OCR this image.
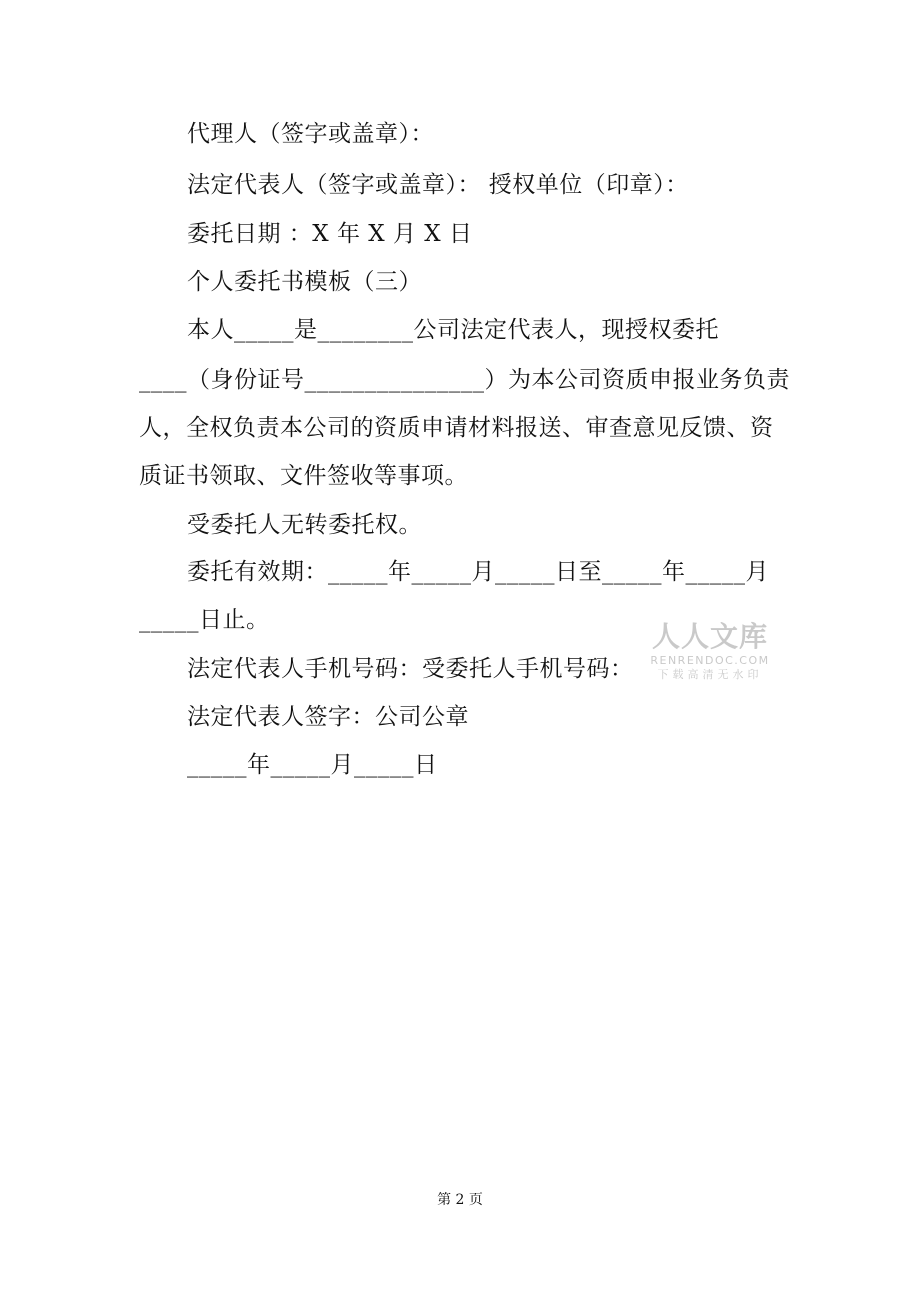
代理人（签字或盖章）：
法定代表人（签字或盖章）： 授权单位（印章）：
委托日期 ：X 年 X 月 X 日
个人委托书模板（三）
本人_____是________公司法定代表人，现授权委托
____（身份证号_______________）为本公司资质申报业务负责
人，全权负责本公司的资质申请材料报送、审查意见反馈、资
质证书领取、文件签收等事项。
受委托人无转委托权。
委托有效期：_____年_____月_____日至_____年_____月
_____日止。
法定代表人手机号码：受委托人手机号码：
法定代表人签字：公司公章
_____年_____月_____日
人人文库
RENRENDOC.COM
下载高清无水印
第 2 页
